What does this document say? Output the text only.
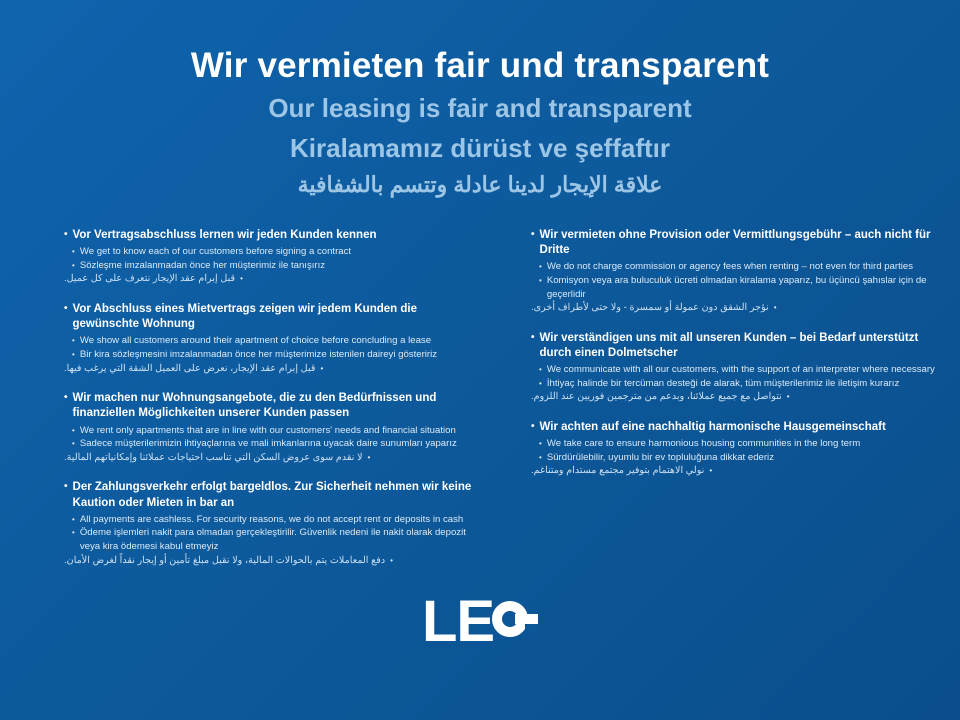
Wir vermieten fair und transparent
Our leasing is fair and transparent
Kiralamamız dürüst ve şeffaftır
علاقة الإيجار لدينا عادلة وتتسم بالشفافية
• Vor Vertragsabschluss lernen wir jeden Kunden kennen
• We get to know each of our customers before signing a contract
• Sözleşme imzalanmadan önce her müşterimiz ile tanışırız
•
قبل إبرام عقد الإيجار نتعرف على كل عميل.
• Vor Abschluss eines Mietvertrags zeigen wir jedem Kunden die gewünschte Wohnung
• We show all customers around their apartment of choice before concluding a lease
• Bir kira sözleşmesini imzalanmadan önce her müşterimize istenilen daireyi gösteririz
•
قبل إبرام عقد الإيجار، نعرض على العميل الشقة التي يرغب فيها.
• Wir machen nur Wohnungsangebote, die zu den Bedürfnissen und finanziellen Möglichkeiten unserer Kunden passen
• We rent only apartments that are in line with our customers' needs and financial situation
• Sadece müşterilerimizin ihtiyaçlarına ve mali imkanlarına uyacak daire sunumları yaparız
•
لا نقدم سوى عروض السكن التي تناسب احتياجات عملائنا وإمكانياتهم المالية.
• Der Zahlungsverkehr erfolgt bargeldlos. Zur Sicherheit nehmen wir keine Kaution oder Mieten in bar an
• All payments are cashless. For security reasons, we do not accept rent or deposits in cash
• Ödeme işlemleri nakit para olmadan gerçekleştirilir. Güvenlik nedeni ile nakit olarak depozit veya kira ödemesi kabul etmeyiz
•
دفع المعاملات يتم بالحوالات المالية، ولا نقبل مبلغ تأمين أو إيجار نقداً لغرض الأمان.
• Wir vermieten ohne Provision oder Vermittlungsgebühr – auch nicht für Dritte
• We do not charge commission or agency fees when renting – not even for third parties
• Komisyon veya ara buluculuk ücreti olmadan kiralama yaparız, bu üçüncü şahıslar için de geçerlidir
•
نؤجر الشقق دون عمولة أو سمسرة - ولا حتى لأطراف أخرى.
• Wir verständigen uns mit all unseren Kunden – bei Bedarf unterstützt durch einen Dolmetscher
• We communicate with all our customers, with the support of an interpreter where necessary
• İhtiyaç halinde bir tercüman desteği de alarak, tüm müşterilerimiz ile iletişim kurarız
•
نتواصل مع جميع عملائنا، وبدعم من مترجمين فوريين عند اللزوم.
• Wir achten auf eine nachhaltig harmonische Hausgemeinschaft
• We take care to ensure harmonious housing communities in the long term
• Sürdürülebilir, uyumlu bir ev topluluğuna dikkat ederiz
•
نولي الاهتمام بتوفير مجتمع مستدام ومتناغم.
LE
